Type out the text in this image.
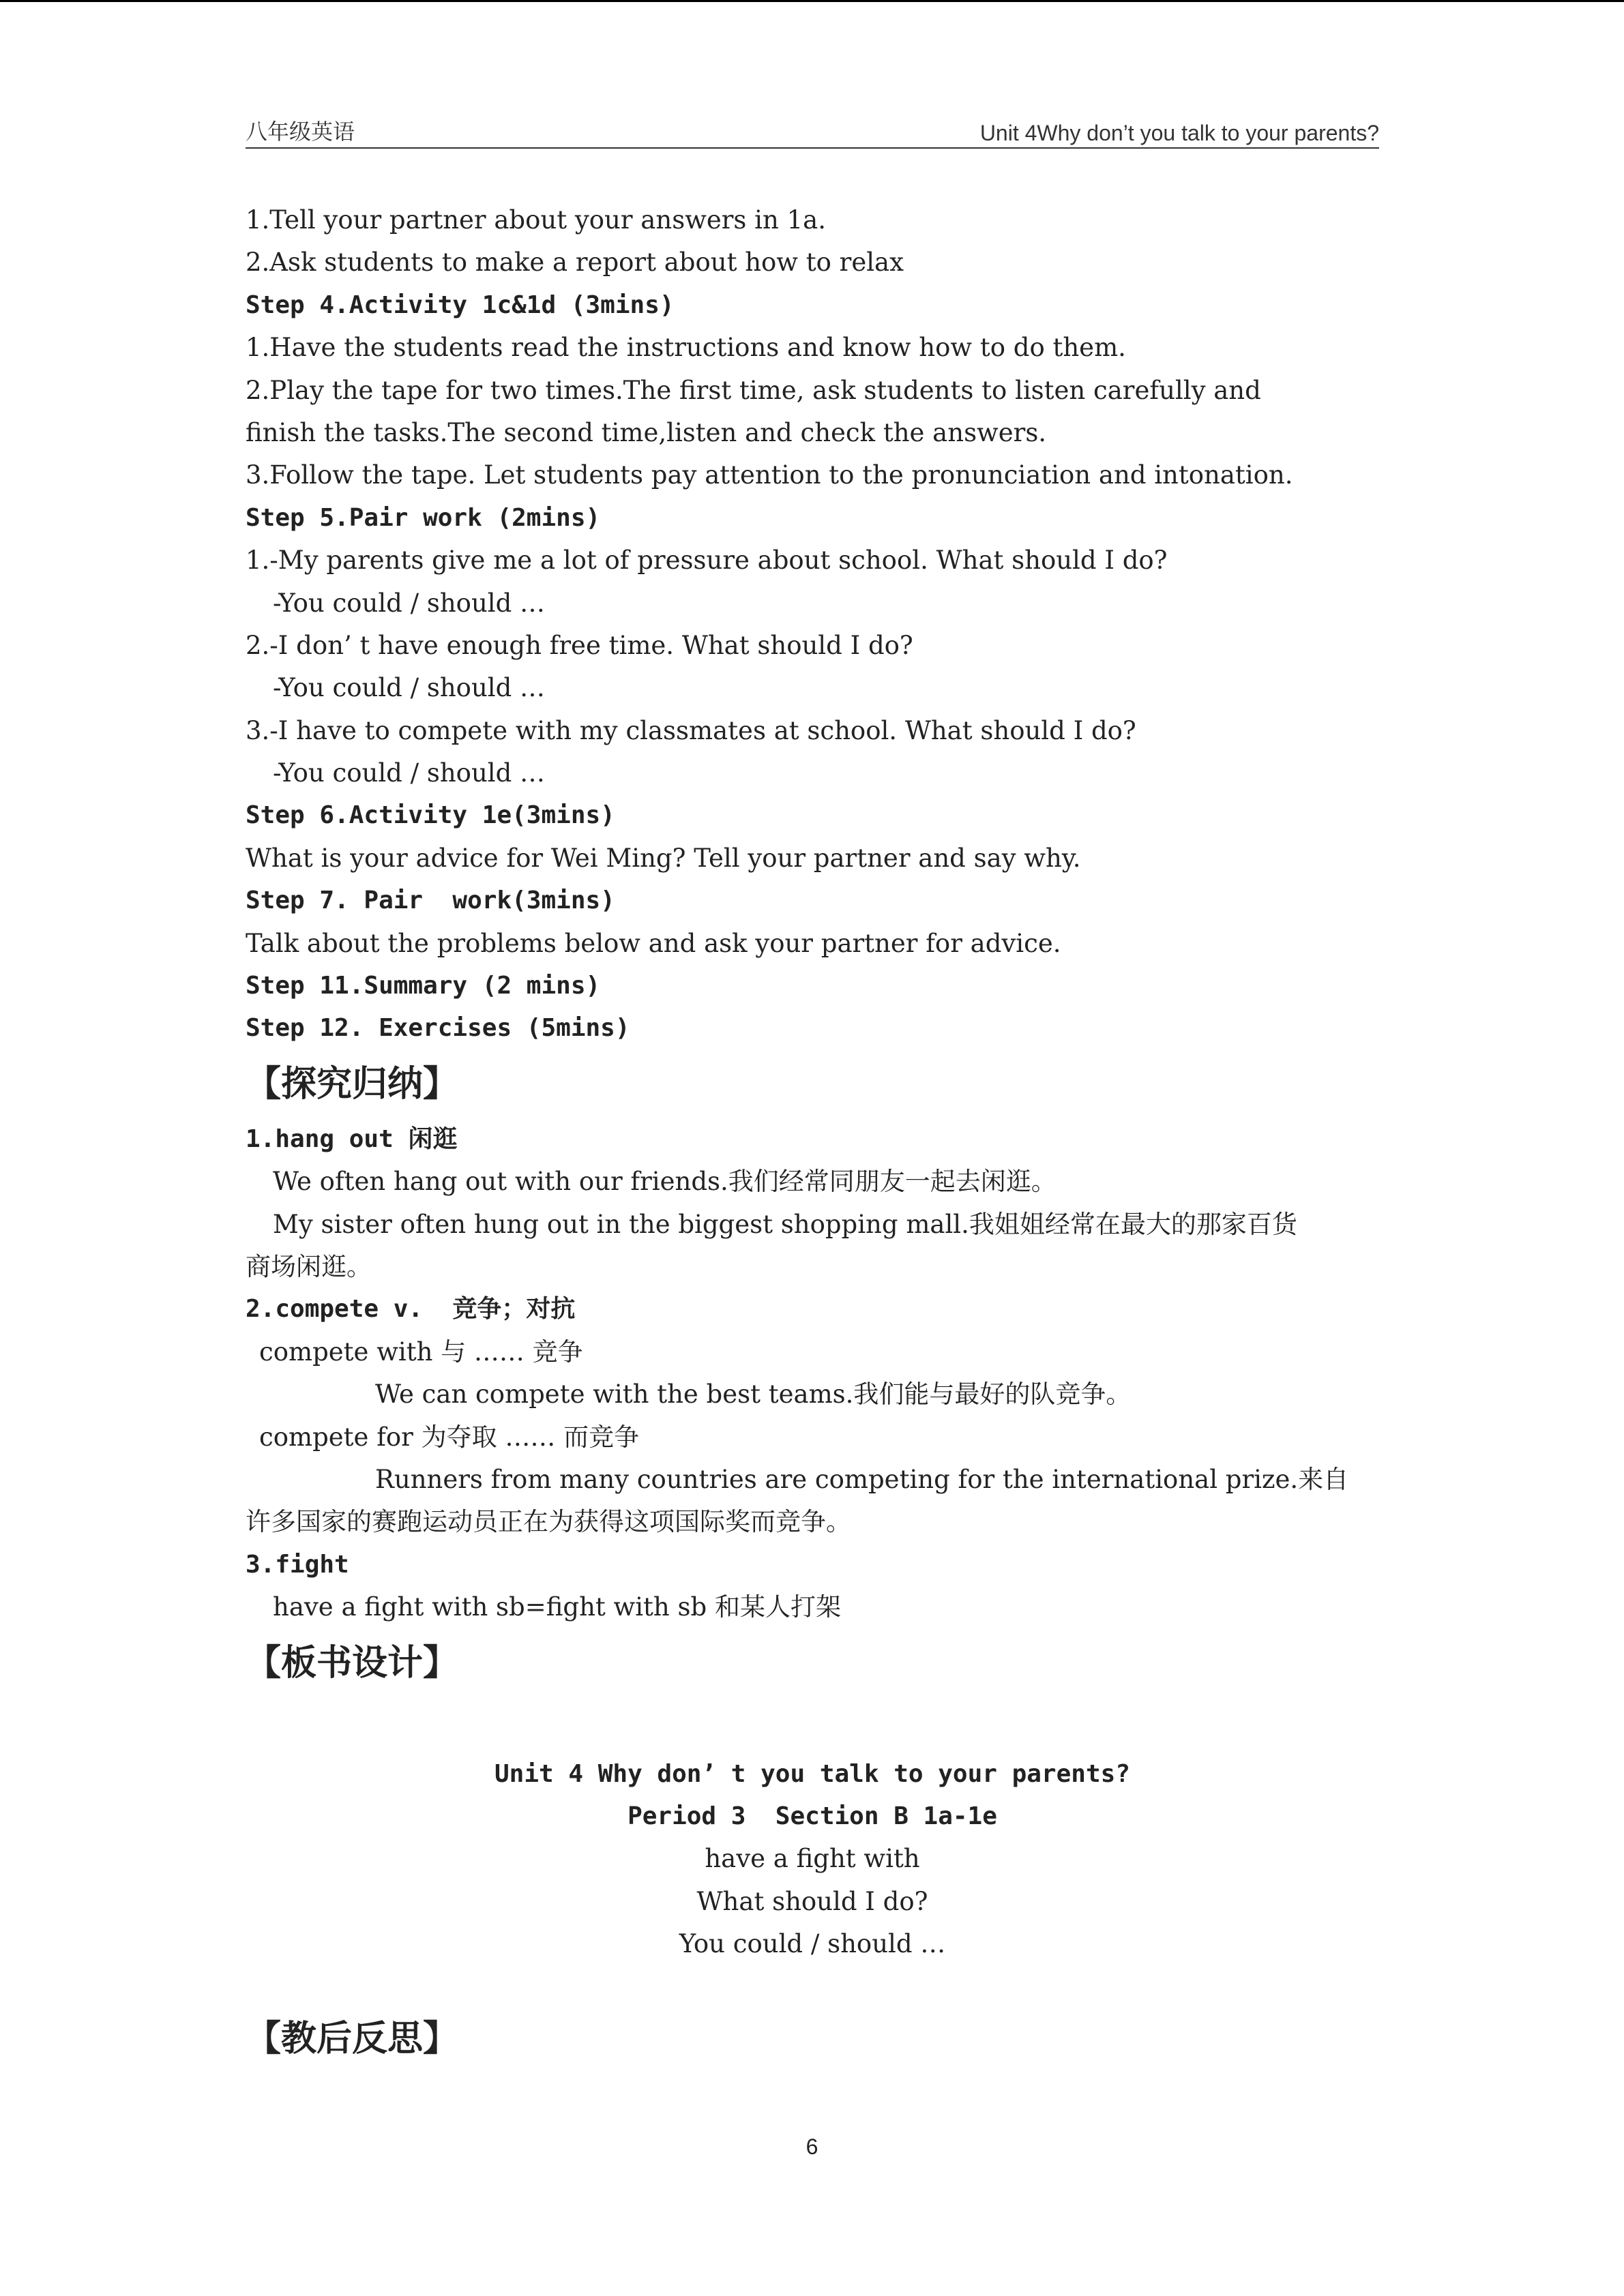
八年级英语	Unit 4Why don’t you talk to your parents?
1.Tell your partner about your answers in 1a.
2.Ask students to make a report about how to relax
Step 4.Activity 1c&1d (3mins)
1.Have the students read the instructions and know how to do them.
2.Play the tape for two times.The first time, ask students to listen carefully and
finish the tasks.The second time,listen and check the answers.
3.Follow the tape. Let students pay attention to the pronunciation and intonation.
Step 5.Pair work (2mins)
1.-My parents give me a lot of pressure about school. What should I do?
-You could / should …
2.-I don’ t have enough free time. What should I do?
-You could / should …
3.-I have to compete with my classmates at school. What should I do?
-You could / should …
Step 6.Activity 1e(3mins)
What is your advice for Wei Ming? Tell your partner and say why.
Step 7. Pair  work(3mins)
Talk about the problems below and ask your partner for advice.
Step 11.Summary (2 mins)
Step 12. Exercises (5mins)
【探究归纳】
1.hang out 闲逛
We often hang out with our friends.我们经常同朋友一起去闲逛。
My sister often hung out in the biggest shopping mall.我姐姐经常在最大的那家百货
商场闲逛。
2.compete v.  竞争；对抗
compete with 与 …… 竞争
We can compete with the best teams.我们能与最好的队竞争。
compete for 为夺取 …… 而竞争
Runners from many countries are competing for the international prize.来自
许多国家的赛跑运动员正在为获得这项国际奖而竞争。
3.fight
have a fight with sb=fight with sb 和某人打架
【板书设计】
Unit 4 Why don’ t you talk to your parents?
Period 3  Section B 1a-1e
have a fight with
What should I do?
You could / should …
【教后反思】
6
